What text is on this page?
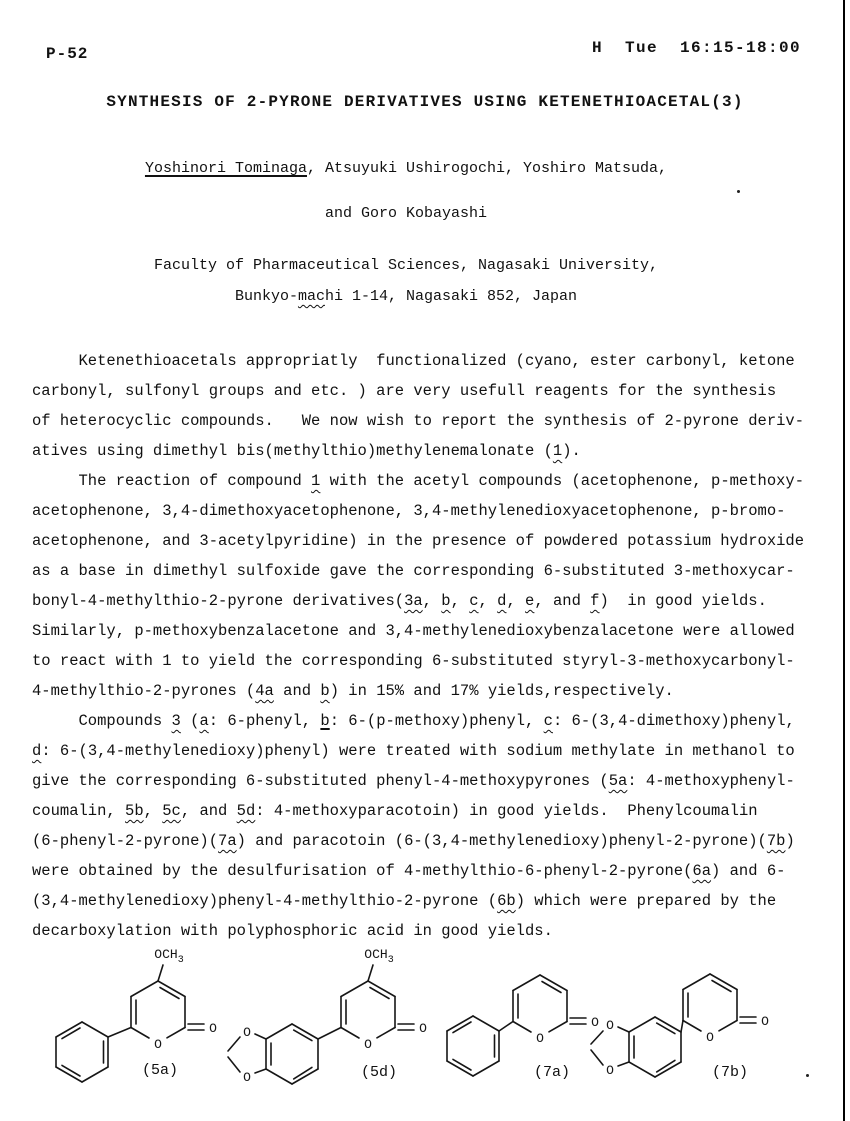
P-52	H  Tue  16:15-18:00
SYNTHESIS OF 2-PYRONE DERIVATIVES USING KETENETHIOACETAL(3)
Yoshinori Tominaga, Atsuyuki Ushirogochi, Yoshiro Matsuda,
and Goro Kobayashi
Faculty of Pharmaceutical Sciences, Nagasaki University,
Bunkyo-machi 1-14, Nagasaki 852, Japan
Ketenethioacetals appropriatly  functionalized (cyano, ester carbonyl, ketone
carbonyl, sulfonyl groups and etc. ) are very usefull reagents for the synthesis
of heterocyclic compounds.   We now wish to report the synthesis of 2-pyrone deriv-
atives using dimethyl bis(methylthio)methylenemalonate (1).
The reaction of compound 1 with the acetyl compounds (acetophenone, p-methoxy-
acetophenone, 3,4-dimethoxyacetophenone, 3,4-methylenedioxyacetophenone, p-bromo-
acetophenone, and 3-acetylpyridine) in the presence of powdered potassium hydroxide
as a base in dimethyl sulfoxide gave the corresponding 6-substituted 3-methoxycar-
bonyl-4-methylthio-2-pyrone derivatives(3a, b, c, d, e, and f)  in good yields.
Similarly, p-methoxybenzalacetone and 3,4-methylenedioxybenzalacetone were allowed
to react with 1 to yield the corresponding 6-substituted styryl-3-methoxycarbonyl-
4-methylthio-2-pyrones (4a and b) in 15% and 17% yields,respectively.
Compounds 3 (a: 6-phenyl, b: 6-(p-methoxy)phenyl, c: 6-(3,4-dimethoxy)phenyl,
d: 6-(3,4-methylenedioxy)phenyl) were treated with sodium methylate in methanol to
give the corresponding 6-substituted phenyl-4-methoxypyrones (5a: 4-methoxyphenyl-
coumalin, 5b, 5c, and 5d: 4-methoxyparacotoin) in good yields.  Phenylcoumalin
(6-phenyl-2-pyrone)(7a) and paracotoin (6-(3,4-methylenedioxy)phenyl-2-pyrone)(7b)
were obtained by the desulfurisation of 4-methylthio-6-phenyl-2-pyrone(6a) and 6-
(3,4-methylenedioxy)phenyl-4-methylthio-2-pyrone (6b) which were prepared by the
decarboxylation with polyphosphoric acid in good yields.
O
O
$OCH_3$
(5a)
O
O
$OCH_3$
O
O	(5d)
O
O
(7a)
O
O
O
O	(7b)
